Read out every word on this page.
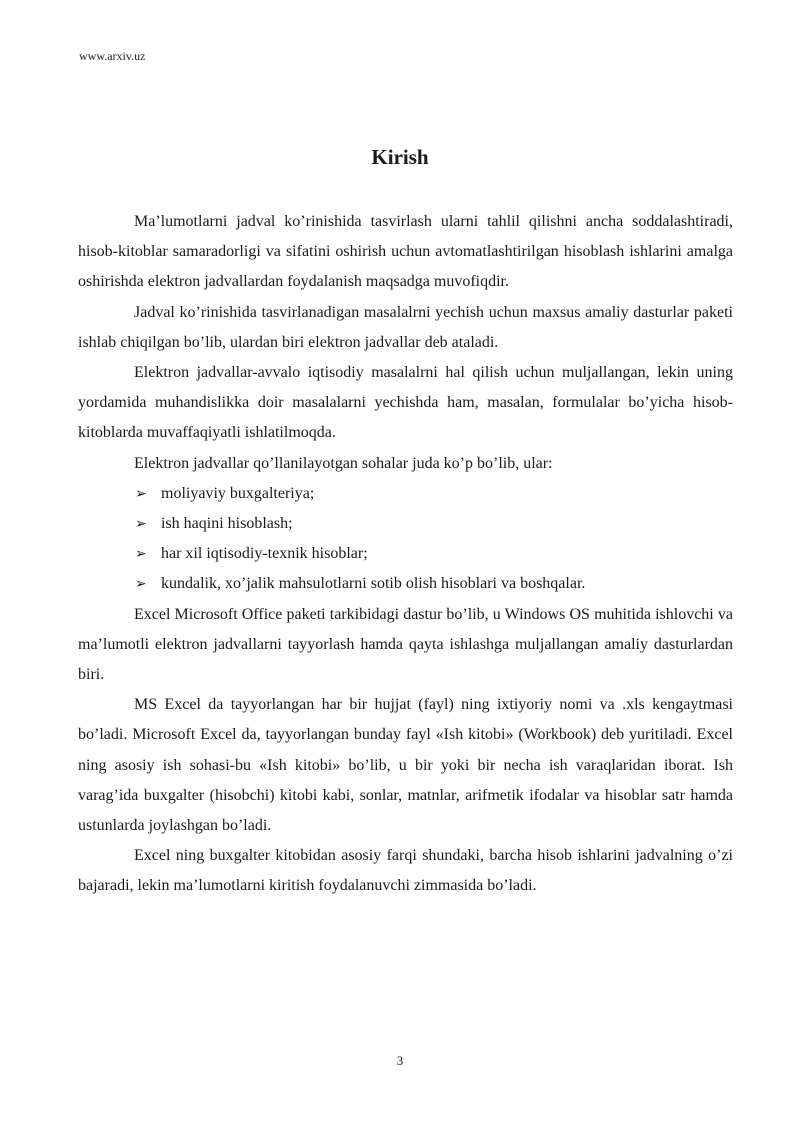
www.arxiv.uz
Kirish

Ma’lumotlarni jadval ko’rinishida tasvirlash ularni tahlil qilishni ancha soddalashtiradi, hisob-kitoblar samaradorligi va sifatini oshirish uchun avtomatlashtirilgan hisoblash ishlarini amalga oshirishda elektron jadvallardan foydalanish maqsadga muvofiqdir.

Jadval ko’rinishida tasvirlanadigan masalalrni yechish uchun maxsus amaliy dasturlar paketi ishlab chiqilgan bo’lib, ulardan biri elektron jadvallar deb ataladi.

Elektron jadvallar-avvalo iqtisodiy masalalrni hal qilish uchun muljallangan, lekin uning yordamida muhandislikka doir masalalarni yechishda ham, masalan, formulalar bo’yicha hisob-kitoblarda muvaffaqiyatli ishlatilmoqda.

Elektron jadvallar qo’llanilayotgan sohalar juda ko’p bo’lib, ular:

➢ moliyaviy buxgalteriya;
➢ ish haqini hisoblash;
➢ har xil iqtisodiy-texnik hisoblar;
➢ kundalik, xo’jalik mahsulotlarni sotib olish hisoblari va boshqalar.

Excel Microsoft Office paketi tarkibidagi dastur bo’lib, u Windows OS muhitida ishlovchi va ma’lumotli elektron jadvallarni tayyorlash hamda qayta ishlashga muljallangan amaliy dasturlardan biri.

MS Excel da tayyorlangan har bir hujjat (fayl) ning ixtiyoriy nomi va .xls kengaytmasi bo’ladi. Microsoft Excel da, tayyorlangan bunday fayl «Ish kitobi» (Workbook) deb yuritiladi. Excel ning asosiy ish sohasi-bu «Ish kitobi» bo’lib, u bir yoki bir necha ish varaqlaridan iborat. Ish varag’ida buxgalter (hisobchi) kitobi kabi, sonlar, matnlar, arifmetik ifodalar va hisoblar satr hamda ustunlarda joylashgan bo’ladi.

Excel ning buxgalter kitobidan asosiy farqi shundaki, barcha hisob ishlarini jadvalning o’zi bajaradi, lekin ma’lumotlarni kiritish foydalanuvchi zimmasida bo’ladi.

3
